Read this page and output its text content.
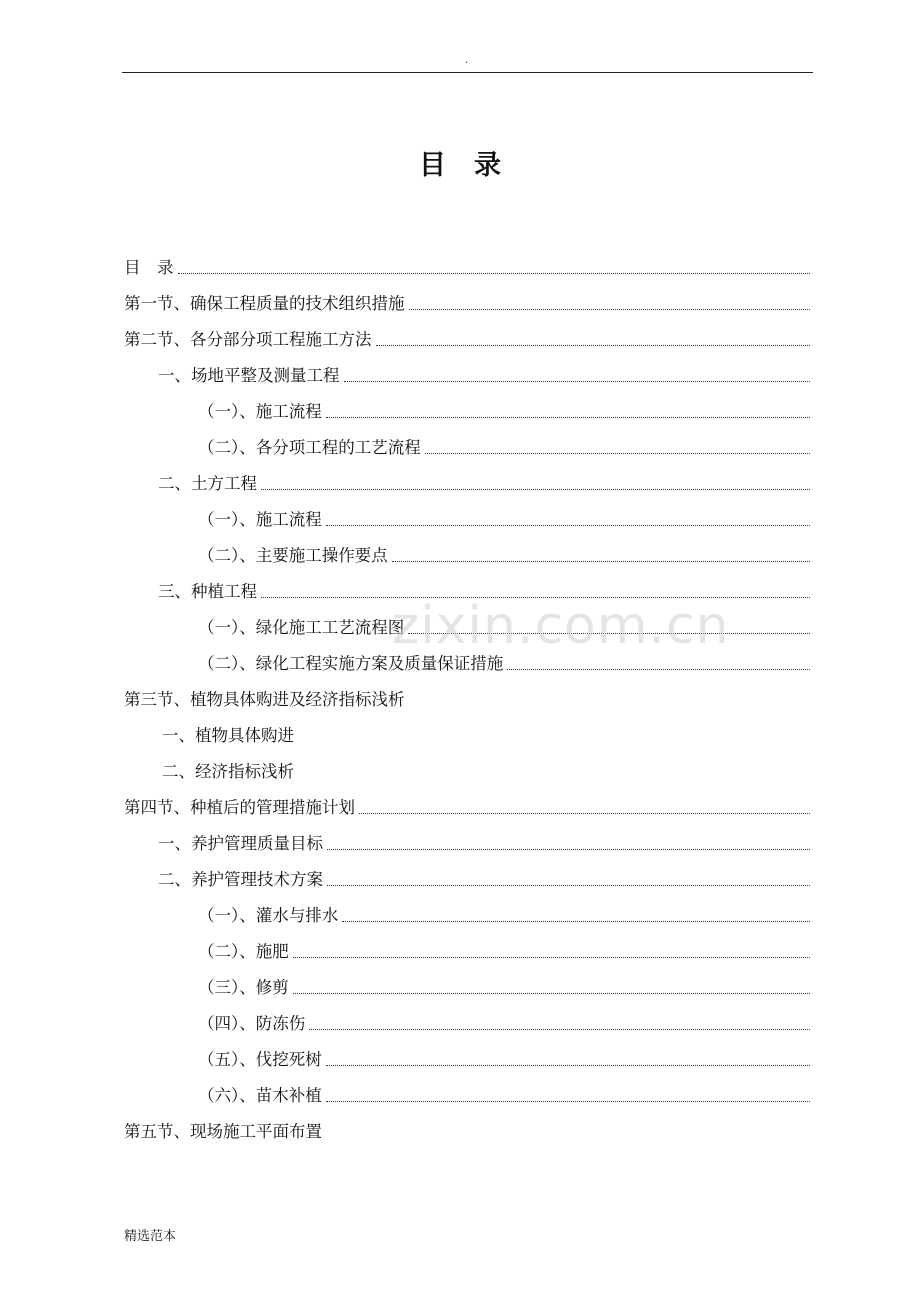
.
目录
目　录
第一节、确保工程质量的技术组织措施
第二节、各分部分项工程施工方法
一、场地平整及测量工程
（一）、施工流程
（二）、各分项工程的工艺流程
二、土方工程
（一）、施工流程
（二）、主要施工操作要点
三、种植工程
（一）、绿化施工工艺流程图
（二）、绿化工程实施方案及质量保证措施
第三节、植物具体购进及经济指标浅析
一、植物具体购进
二、经济指标浅析
第四节、种植后的管理措施计划
一、养护管理质量目标
二、养护管理技术方案
（一）、灌水与排水
（二）、施肥
（三）、修剪
（四）、防冻伤
（五）、伐挖死树
（六）、苗木补植
第五节、现场施工平面布置
zixin.com.cn
精选范本
